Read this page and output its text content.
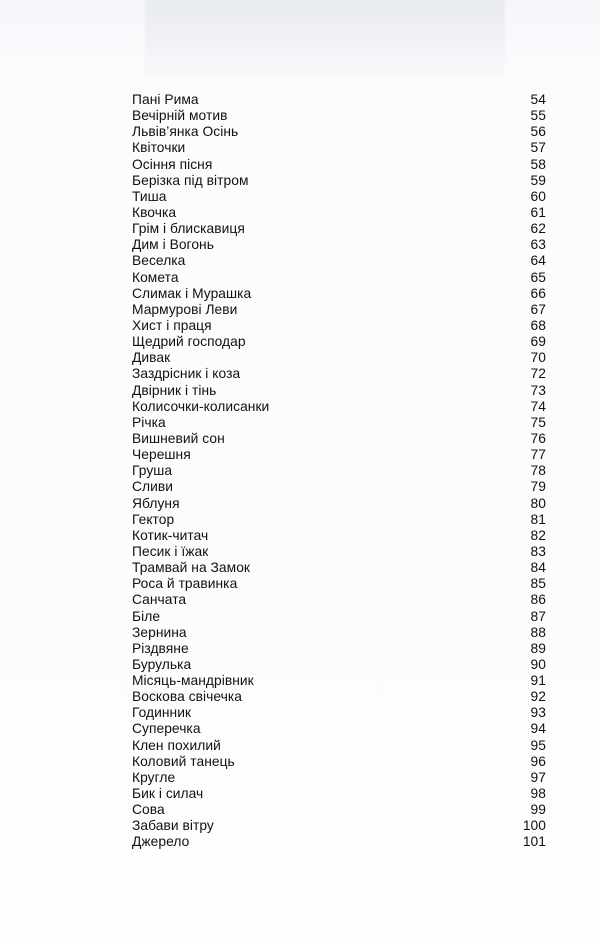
Пані Рима	54
Вечірній мотив	55
Львів’янка Осінь	56
Квіточки	57
Осіння пісня	58
Берізка під вітром	59
Тиша	60
Квочка	61
Грім і блискавиця	62
Дим і Вогонь	63
Веселка	64
Комета	65
Слимак і Мурашка	66
Мармурові Леви	67
Хист і праця	68
Щедрий господар	69
Дивак	70
Заздрісник і коза	72
Двірник і тінь	73
Колисочки-колисанки	74
Річка	75
Вишневий сон	76
Черешня	77
Груша	78
Сливи	79
Яблуня	80
Гектор	81
Котик-читач	82
Песик і їжак	83
Трамвай на Замок	84
Роса й травинка	85
Санчата	86
Біле	87
Зернина	88
Різдвяне	89
Бурулька	90
Місяць-мандрівник	91
Воскова свічечка	92
Годинник	93
Суперечка	94
Клен похилий	95
Коловий танець	96
Кругле	97
Бик і силач	98
Сова	99
Забави вітру	100
Джерело	101
